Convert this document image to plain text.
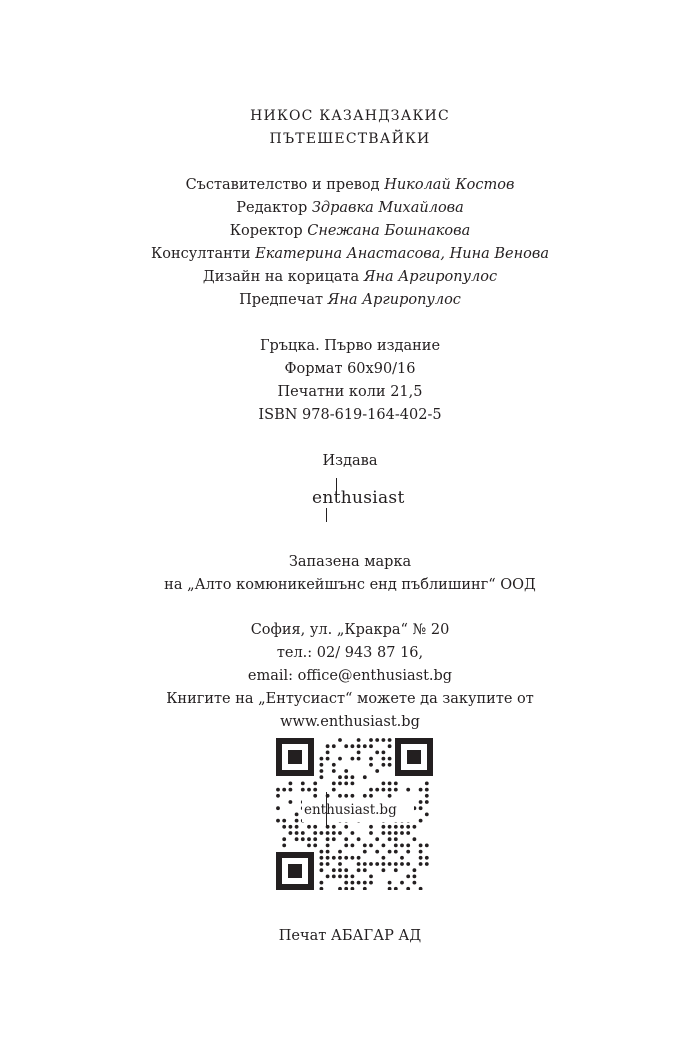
НИКОС КАЗАНДЗАКИС
ПЪТЕШЕСТВАЙКИ
Съставителство и превод Николай Костов
Редактор Здравка Михайлова
Коректор Снежана Бошнакова
Консултанти Екатерина Анастасова, Нина Венова
Дизайн на корицата Яна Аргиропулос
Предпечат Яна Аргиропулос
Гръцка. Първо издание
Формат 60x90/16
Печатни коли 21,5
ISBN 978-619-164-402-5
Издава
enthusiast
Запазена марка
на „Алто комюникейшънс енд пъблишинг“ ООД
София, ул. „Кракра“ № 20
тел.: 02/ 943 87 16,
email: office@enthusiast.bg
Книгите на „Ентусиаст“ можете да закупите от
www.enthusiast.bg
enthusiast.bg
Печат АБАГАР АД
